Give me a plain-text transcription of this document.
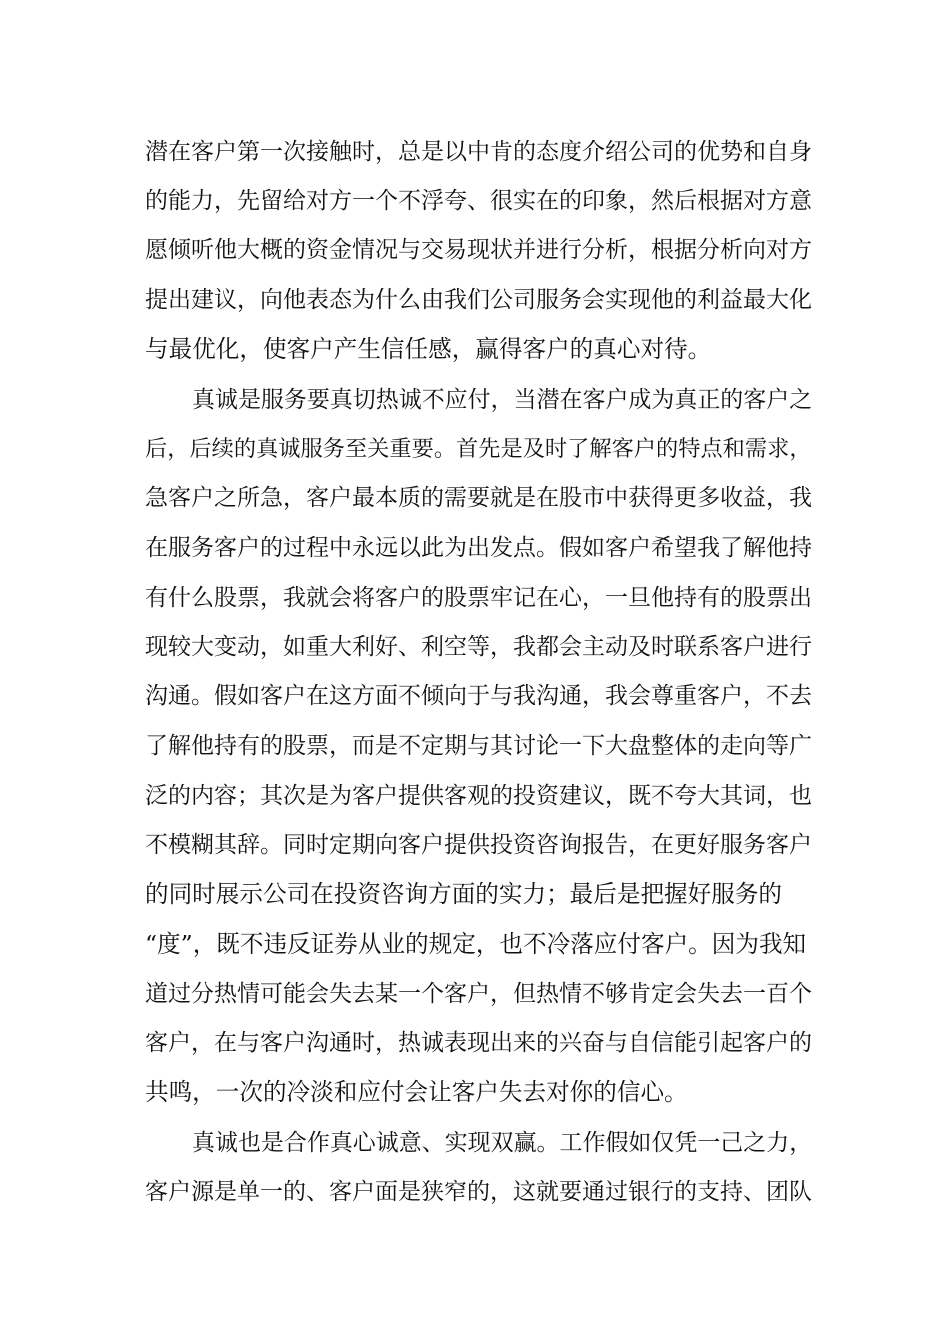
潜在客户第一次接触时，总是以中肯的态度介绍公司的优势和自身
的能力，先留给对方一个不浮夸、很实在的印象，然后根据对方意
愿倾听他大概的资金情况与交易现状并进行分析，根据分析向对方
提出建议，向他表态为什么由我们公司服务会实现他的利益最大化
与最优化，使客户产生信任感，赢得客户的真心对待。
真诚是服务要真切热诚不应付，当潜在客户成为真正的客户之
后，后续的真诚服务至关重要。首先是及时了解客户的特点和需求，
急客户之所急，客户最本质的需要就是在股市中获得更多收益，我
在服务客户的过程中永远以此为出发点。假如客户希望我了解他持
有什么股票，我就会将客户的股票牢记在心，一旦他持有的股票出
现较大变动，如重大利好、利空等，我都会主动及时联系客户进行
沟通。假如客户在这方面不倾向于与我沟通，我会尊重客户，不去
了解他持有的股票，而是不定期与其讨论一下大盘整体的走向等广
泛的内容；其次是为客户提供客观的投资建议，既不夸大其词，也
不模糊其辞。同时定期向客户提供投资咨询报告，在更好服务客户
的同时展示公司在投资咨询方面的实力；最后是把握好服务的
“度”，既不违反证券从业的规定，也不冷落应付客户。因为我知
道过分热情可能会失去某一个客户，但热情不够肯定会失去一百个
客户，在与客户沟通时，热诚表现出来的兴奋与自信能引起客户的
共鸣，一次的冷淡和应付会让客户失去对你的信心。
真诚也是合作真心诚意、实现双赢。工作假如仅凭一己之力，
客户源是单一的、客户面是狭窄的，这就要通过银行的支持、团队
